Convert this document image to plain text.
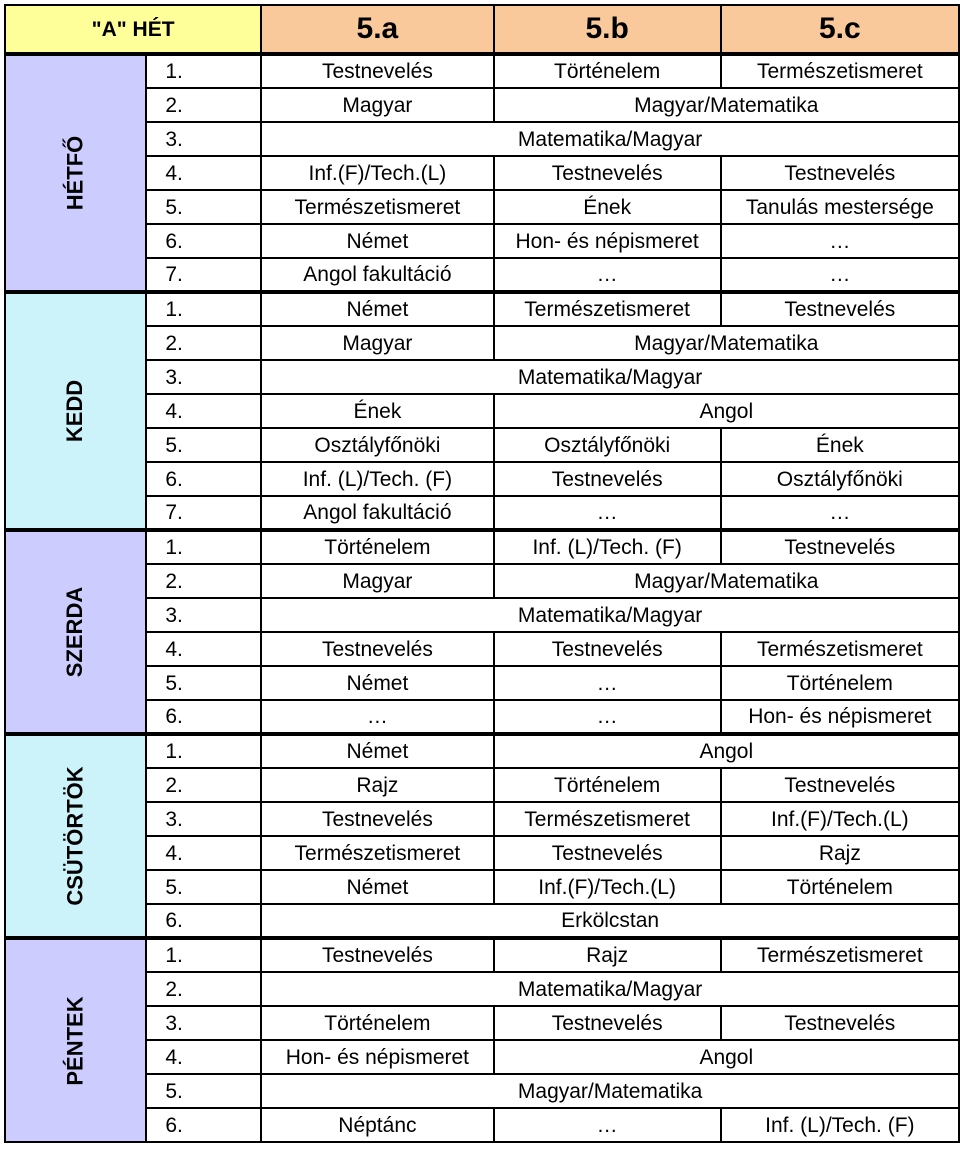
"A" HÉT		5.a	5.b	5.c
HÉTFŐ	1.	Testnevelés	Történelem	Természetismeret
	2.	Magyar	Magyar/Matematika	
	3.	Matematika/Magyar		
	4.	Inf.(F)/Tech.(L)	Testnevelés	Testnevelés
	5.	Természetismeret	Ének	Tanulás mestersége
	6.	Német	Hon- és népismeret	…
	7.	Angol fakultáció	…	…
KEDD	1.	Német	Természetismeret	Testnevelés
	2.	Magyar	Magyar/Matematika	
	3.	Matematika/Magyar		
	4.	Ének	Angol	
	5.	Osztályfőnöki	Osztályfőnöki	Ének
	6.	Inf. (L)/Tech. (F)	Testnevelés	Osztályfőnöki
	7.	Angol fakultáció	…	…
SZERDA	1.	Történelem	Inf. (L)/Tech. (F)	Testnevelés
	2.	Magyar	Magyar/Matematika	
	3.	Matematika/Magyar		
	4.	Testnevelés	Testnevelés	Természetismeret
	5.	Német	…	Történelem
	6.	…	…	Hon- és népismeret
CSÜTÖRTÖK	1.	Német	Angol	
	2.	Rajz	Történelem	Testnevelés
	3.	Testnevelés	Természetismeret	Inf.(F)/Tech.(L)
	4.	Természetismeret	Testnevelés	Rajz
	5.	Német	Inf.(F)/Tech.(L)	Történelem
	6.	Erkölcstan		
PÉNTEK	1.	Testnevelés	Rajz	Természetismeret
	2.	Matematika/Magyar		
	3.	Történelem	Testnevelés	Testnevelés
	4.	Hon- és népismeret	Angol	
	5.	Magyar/Matematika		
	6.	Néptánc	…	Inf. (L)/Tech. (F)
